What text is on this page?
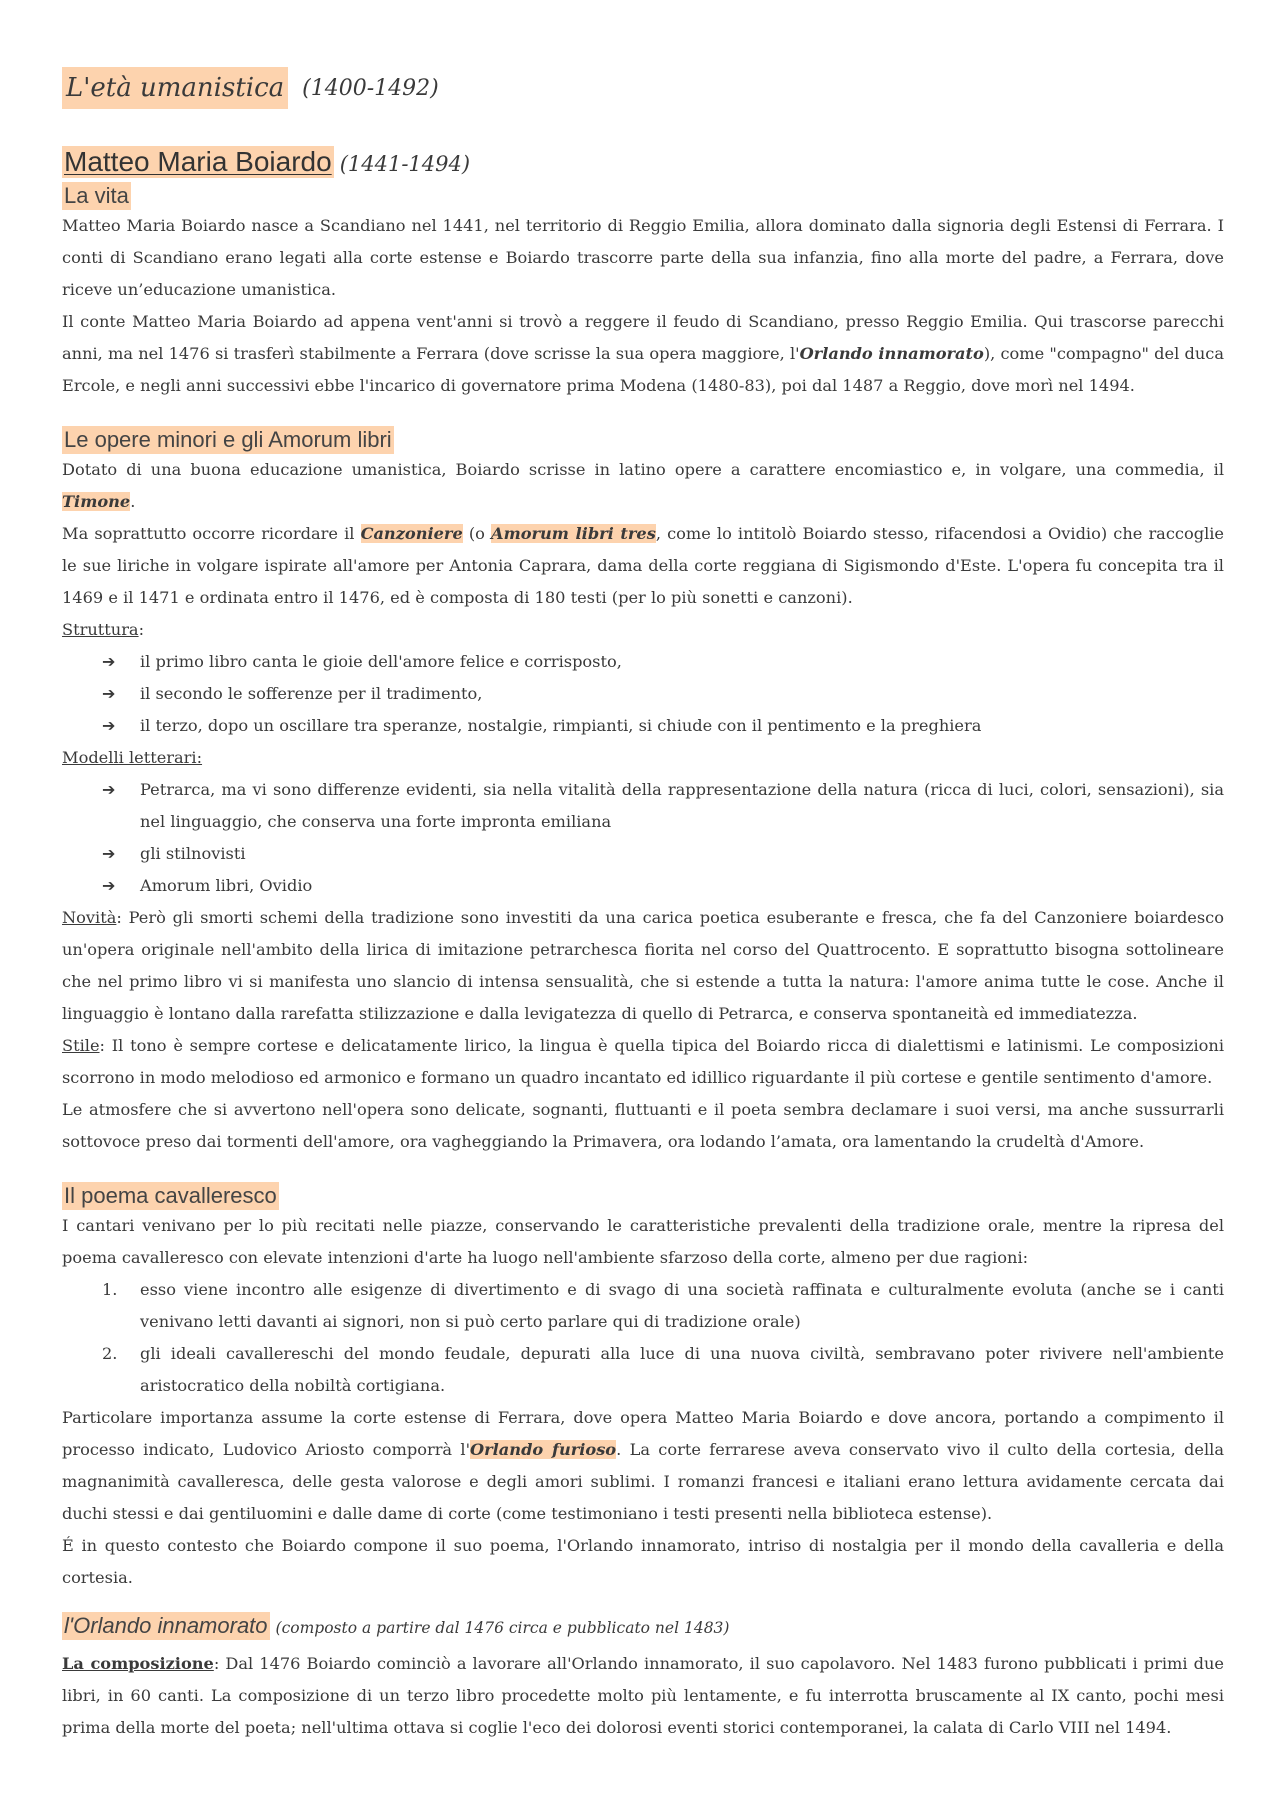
L'età umanistica (1400-1492)
Matteo Maria Boiardo (1441-1494)
La vita

Matteo Maria Boiardo nasce a Scandiano nel 1441, nel territorio di Reggio Emilia, allora dominato dalla signoria degli Estensi di Ferrara. I conti di Scandiano erano legati alla corte estense e Boiardo trascorre parte della sua infanzia, fino alla morte del padre, a Ferrara, dove riceve un’educazione umanistica.

Il conte Matteo Maria Boiardo ad appena vent'anni si trovò a reggere il feudo di Scandiano, presso Reggio Emilia. Qui trascorse parecchi anni, ma nel 1476 si trasferì stabilmente a Ferrara (dove scrisse la sua opera maggiore, l'Orlando innamorato), come "compagno" del duca Ercole, e negli anni successivi ebbe l'incarico di governatore prima Modena (1480-83), poi dal 1487 a Reggio, dove morì nel 1494.

Le opere minori e gli Amorum libri

Dotato di una buona educazione umanistica, Boiardo scrisse in latino opere a carattere encomiastico e, in volgare, una commedia, il Timone.

Ma soprattutto occorre ricordare il Canzoniere (o Amorum libri tres, come lo intitolò Boiardo stesso, rifacendosi a Ovidio) che raccoglie le sue liriche in volgare ispirate all'amore per Antonia Caprara, dama della corte reggiana di Sigismondo d'Este. L'opera fu concepita tra il 1469 e il 1471 e ordinata entro il 1476, ed è composta di 180 testi (per lo più sonetti e canzoni).

Struttura:

➔ il primo libro canta le gioie dell'amore felice e corrisposto,
➔ il secondo le sofferenze per il tradimento,
➔ il terzo, dopo un oscillare tra speranze, nostalgie, rimpianti, si chiude con il pentimento e la preghiera

Modelli letterari:

➔ Petrarca, ma vi sono differenze evidenti, sia nella vitalità della rappresentazione della natura (ricca di luci, colori, sensazioni), sia nel linguaggio, che conserva una forte impronta emiliana
➔ gli stilnovisti
➔ Amorum libri, Ovidio

Novità: Però gli smorti schemi della tradizione sono investiti da una carica poetica esuberante e fresca, che fa del Canzoniere boiardesco un'opera originale nell'ambito della lirica di imitazione petrarchesca fiorita nel corso del Quattrocento. E soprattutto bisogna sottolineare che nel primo libro vi si manifesta uno slancio di intensa sensualità, che si estende a tutta la natura: l'amore anima tutte le cose. Anche il linguaggio è lontano dalla rarefatta stilizzazione e dalla levigatezza di quello di Petrarca, e conserva spontaneità ed immediatezza.

Stile: Il tono è sempre cortese e delicatamente lirico, la lingua è quella tipica del Boiardo ricca di dialettismi e latinismi. Le composizioni scorrono in modo melodioso ed armonico e formano un quadro incantato ed idillico riguardante il più cortese e gentile sentimento d'amore.

Le atmosfere che si avvertono nell'opera sono delicate, sognanti, fluttuanti e il poeta sembra declamare i suoi versi, ma anche sussurrarli sottovoce preso dai tormenti dell'amore, ora vagheggiando la Primavera, ora lodando l’amata, ora lamentando la crudeltà d'Amore.

Il poema cavalleresco

I cantari venivano per lo più recitati nelle piazze, conservando le caratteristiche prevalenti della tradizione orale, mentre la ripresa del poema cavalleresco con elevate intenzioni d'arte ha luogo nell'ambiente sfarzoso della corte, almeno per due ragioni:

1. esso viene incontro alle esigenze di divertimento e di svago di una società raffinata e culturalmente evoluta (anche se i canti venivano letti davanti ai signori, non si può certo parlare qui di tradizione orale)
2. gli ideali cavallereschi del mondo feudale, depurati alla luce di una nuova civiltà, sembravano poter rivivere nell'ambiente aristocratico della nobiltà cortigiana.

Particolare importanza assume la corte estense di Ferrara, dove opera Matteo Maria Boiardo e dove ancora, portando a compimento il processo indicato, Ludovico Ariosto comporrà l'Orlando furioso. La corte ferrarese aveva conservato vivo il culto della cortesia, della magnanimità cavalleresca, delle gesta valorose e degli amori sublimi. I romanzi francesi e italiani erano lettura avidamente cercata dai duchi stessi e dai gentiluomini e dalle dame di corte (come testimoniano i testi presenti nella biblioteca estense).

É in questo contesto che Boiardo compone il suo poema, l'Orlando innamorato, intriso di nostalgia per il mondo della cavalleria e della cortesia.

l'Orlando innamorato (composto a partire dal 1476 circa e pubblicato nel 1483)

La composizione: Dal 1476 Boiardo cominciò a lavorare all'Orlando innamorato, il suo capolavoro. Nel 1483 furono pubblicati i primi due libri, in 60 canti. La composizione di un terzo libro procedette molto più lentamente, e fu interrotta bruscamente al IX canto, pochi mesi prima della morte del poeta; nell'ultima ottava si coglie l'eco dei dolorosi eventi storici contemporanei, la calata di Carlo VIII nel 1494.
